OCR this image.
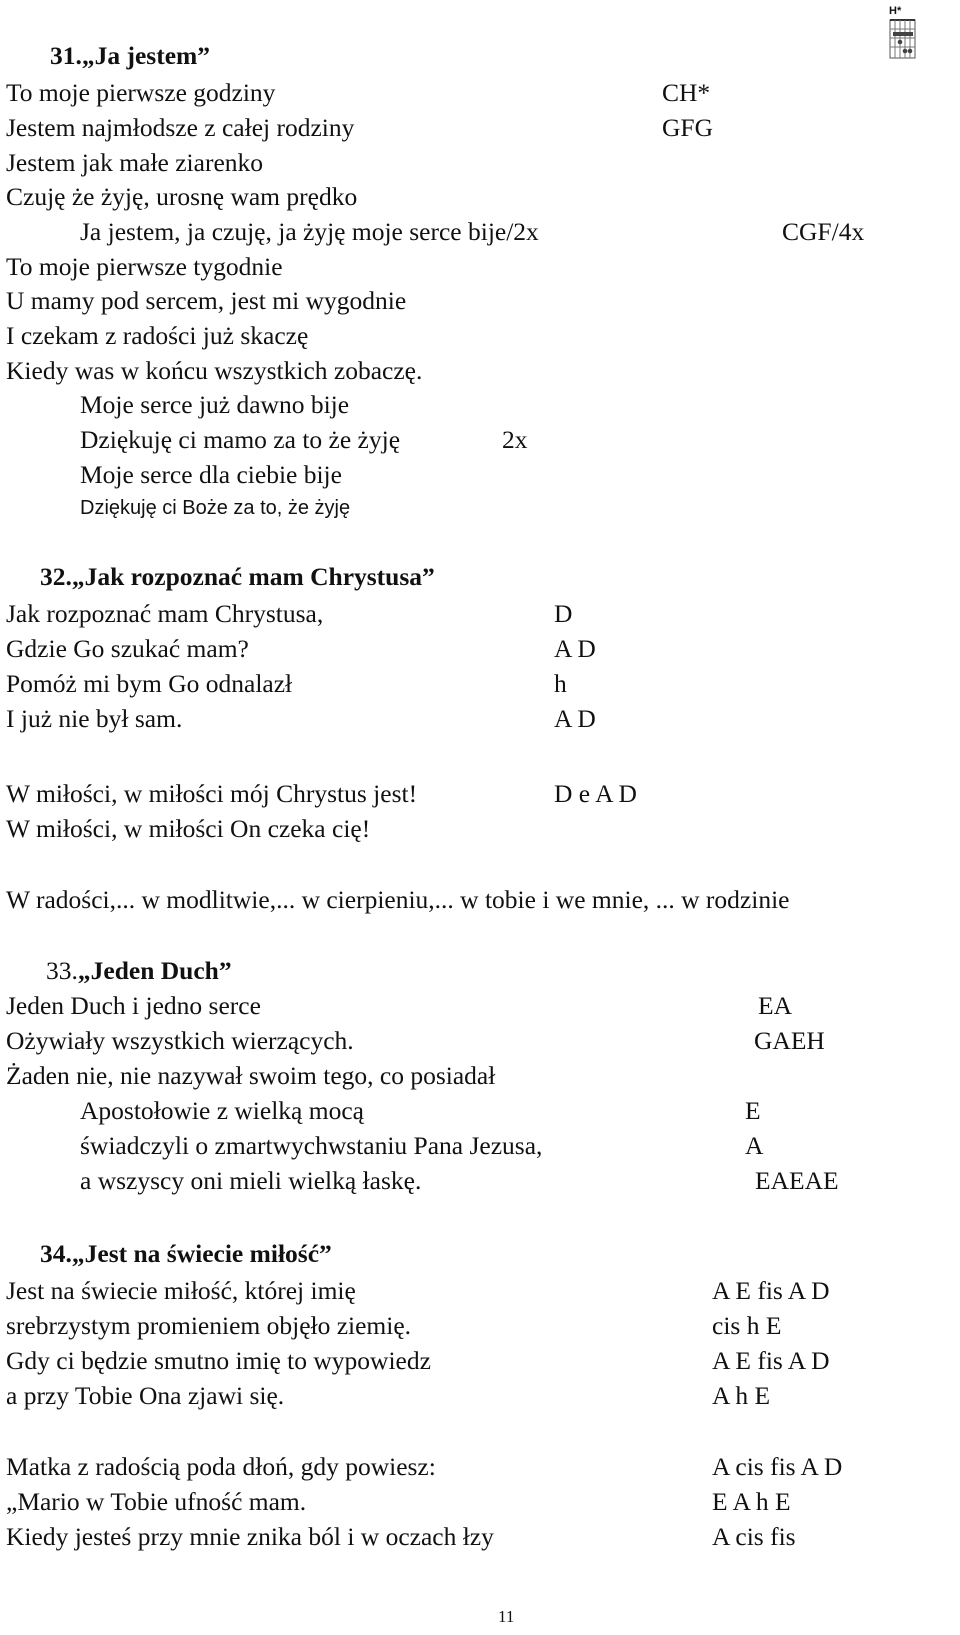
H*
31.„Ja jestem”
To moje pierwsze godziny
Jestem najmłodsze z całej rodziny
Jestem jak małe ziarenko
Czuję że żyję, urosnę wam prędko
Ja jestem, ja czuję, ja żyję moje serce bije/2x
To moje pierwsze tygodnie
U mamy pod sercem, jest mi wygodnie
I czekam z radości już skaczę
Kiedy was w końcu wszystkich zobaczę.
Moje serce już dawno bije
Dziękuję ci mamo za to że żyję
Moje serce dla ciebie bije
Dziękuję ci Boże za to, że żyję
2x
CH*
GFG
CGF/4x
32.„Jak rozpoznać mam Chrystusa”
Jak rozpoznać mam Chrystusa,
Gdzie Go szukać mam?
Pomóż mi bym Go odnalazł
I już nie był sam.
W miłości, w miłości mój Chrystus jest!
W miłości, w miłości On czeka cię!
W radości,... w modlitwie,... w cierpieniu,... w tobie i we mnie, ... w rodzinie
D
A D
h
A D
D e A D
33.„Jeden Duch”
Jeden Duch i jedno serce
Ożywiały wszystkich wierzących.
Żaden nie, nie nazywał swoim tego, co posiadał
Apostołowie z wielką mocą
świadczyli o zmartwychwstaniu Pana Jezusa,
a wszyscy oni mieli wielką łaskę.
EA
GAEH
E
A
EAEAE
34.„Jest na świecie miłość”
Jest na świecie miłość, której imię
srebrzystym promieniem objęło ziemię.
Gdy ci będzie smutno imię to wypowiedz
a przy Tobie Ona zjawi się.
Matka z radością poda dłoń, gdy powiesz:
„Mario w Tobie ufność mam.
Kiedy jesteś przy mnie znika ból i w oczach łzy
A E fis A D
cis h E
A E fis A D
A h E
A cis fis A D
E A h E
A cis fis
11
